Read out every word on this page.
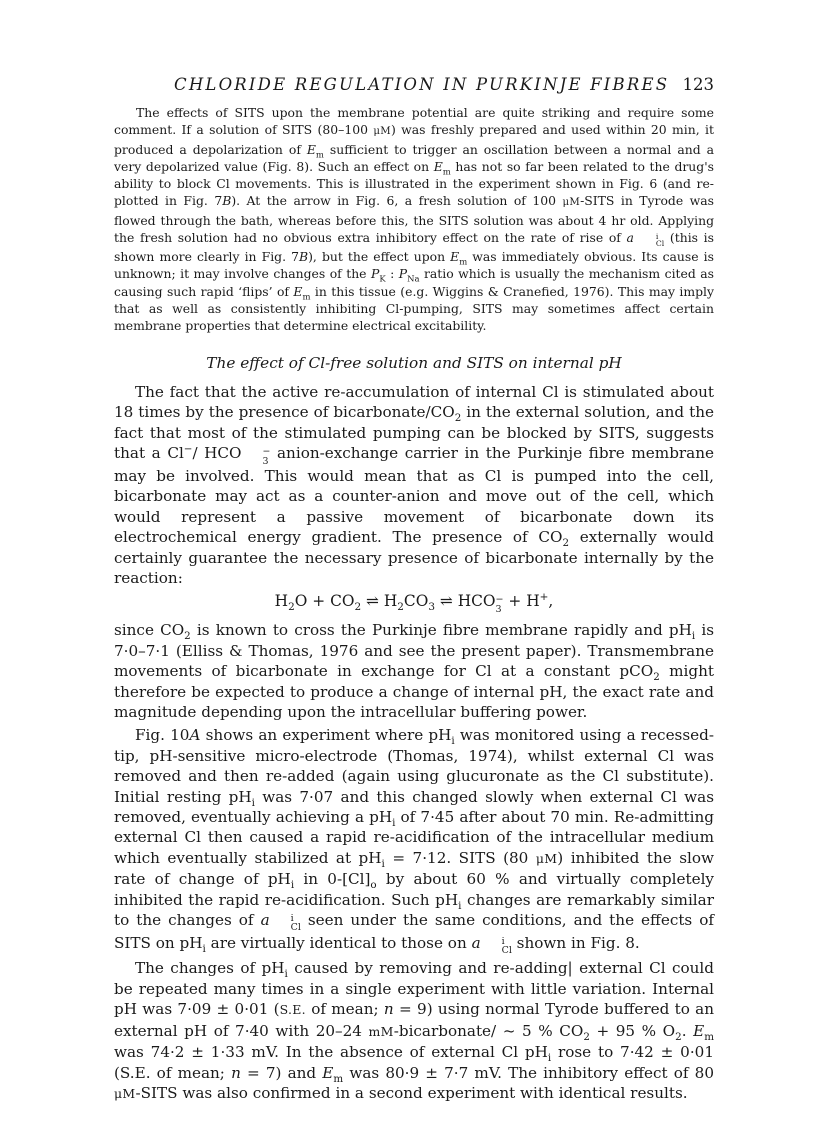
CHLORIDE REGULATION IN PURKINJE FIBRES 123

The effects of SITS upon the membrane potential are quite striking and require some comment. If a solution of SITS (80–100 μM) was freshly prepared and used within 20 min, it produced a depolarization of $E_m$ sufficient to trigger an oscillation between a normal and a very depolarized value (Fig. 8). Such an effect on $E_m$ has not so far been related to the drug's ability to block Cl movements. This is illustrated in the experiment shown in Fig. 6 (and re-plotted in Fig. 7B). At the arrow in Fig. 6, a fresh solution of 100 μM-SITS in Tyrode was flowed through the bath, whereas before this, the SITS solution was about 4 hr old. Applying the fresh solution had no obvious extra inhibitory effect on the rate of rise of a	i
Cl (this is shown more clearly in Fig. 7B), but the effect upon $E_m$ was immediately obvious. Its cause is unknown; it may involve changes of the $P_K$ : $P_{Na}$ ratio which is usually the mechanism cited as causing such rapid ‘flips’ of $E_m$ in this tissue (e.g. Wiggins & Cranefied, 1976). This may imply that as well as consistently inhibiting Cl-pumping, SITS may sometimes affect certain membrane properties that determine electrical excitability.

The effect of Cl-free solution and SITS on internal pH

The fact that the active re-accumulation of internal Cl is stimulated about 18 times by the presence of bicarbonate/$CO_2$ in the external solution, and the fact that most of the stimulated pumping can be blocked by SITS, suggests that a Cl−/ HCO	−
3 anion-exchange carrier in the Purkinje fibre membrane may be involved. This would mean that as Cl is pumped into the cell, bicarbonate may act as a counter-anion and move out of the cell, which would represent a passive movement of bicarbonate down its electrochemical energy gradient. The presence of $CO_2$ externally would certainly guarantee the necessary presence of bicarbonate internally by the reaction:

$H_2O + CO_2$ ⇌ $H_2CO_3$ ⇌ HCO −
3 + H+,

since $CO_2$ is known to cross the Purkinje fibre membrane rapidly and $pH_i$ is 7·0–7·1 (Elliss & Thomas, 1976 and see the present paper). Transmembrane movements of bicarbonate in exchange for Cl at a constant pCO$_2$ might therefore be expected to produce a change of internal pH, the exact rate and magnitude depending upon the intracellular buffering power.

Fig. 10A shows an experiment where $pH_i$ was monitored using a recessed-tip, pH-sensitive micro-electrode (Thomas, 1974), whilst external Cl was removed and then re-added (again using glucuronate as the Cl substitute). Initial resting $pH_i$ was 7·07 and this changed slowly when external Cl was removed, eventually achieving a $pH_i$ of 7·45 after about 70 min. Re-admitting external Cl then caused a rapid re-acidification of the intracellular medium which eventually stabilized at $pH_i = 7\cdot 12$. SITS (80 μM) inhibited the slow rate of change of $pH_i$ in $0-[Cl]_o$ by about 60 % and virtually completely inhibited the rapid re-acidification. Such $pH_i$ changes are remarkably similar to the changes of a	i
Cl seen under the same conditions, and the effects of SITS on $pH_i$ are virtually identical to those on a	i
Cl shown in Fig. 8.

The changes of $pH_i$ caused by removing and re-adding| external Cl could be repeated many times in a single experiment with little variation. Internal pH was 7·09 ± 0·01 (S.E. of mean; n = 9) using normal Tyrode buffered to an external pH of 7·40 with 20–24 mM-bicarbonate/ ~ 5 % $CO_2 + 95$ % $O_2$. $E_m$ was 74·2 ± 1·33 mV. In the absence of external Cl $pH_i$ rose to 7·42 ± 0·01 (S.E. of mean; n = 7) and $E_m$ was 80·9 ± 7·7 mV. The inhibitory effect of 80 μM-SITS was also confirmed in a second experiment with identical results.
